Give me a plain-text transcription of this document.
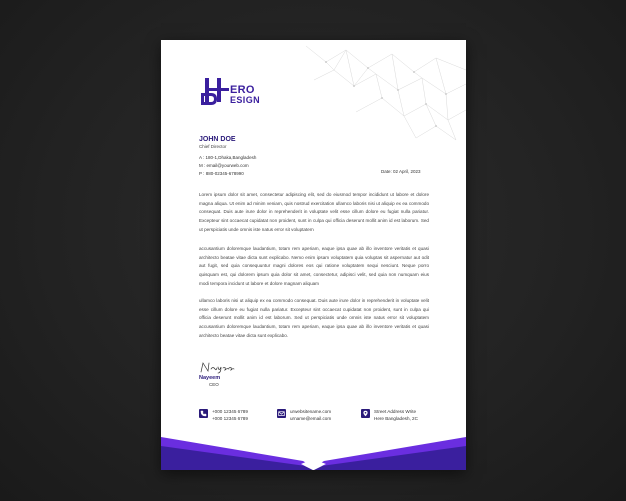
ERO
ESIGN
JOHN DOE
Chief Director
A : 180-1,Dhaka,Bangladesh
M : email@yourweb.com
P : 880-02345-678990	Date: 02 April, 2023
Lorem ipsum dolor sit amet, consectetur adipiscing elit, sed do eiusmod tempor incididunt ut labore et dolore magna aliqua. Ut enim ad minim veniam, quis nostrud exercitation ullamco laboris nisi ut aliquip ex ea commodo consequat. Duis aute irure dolor in reprehenderit in voluptate velit esse cillum dolore eu fugiat nulla pariatur. Excepteur sint occaecat cupidatat non proident, sunt in culpa qui officia deserunt mollit anim id est laborum. Sed ut perspiciatis unde omnis iste natus error sit voluptatem
accusantium doloremque laudantium, totam rem aperiam, eaque ipsa quae ab illo inventore veritatis et quasi architecto beatae vitae dicta sunt explicabo. Nemo enim ipsam voluptatem quia voluptas sit aspernatur aut odit aut fugit, sed quia consequuntur magni dolores eos qui ratione voluptatem sequi nesciunt. Neque porro quisquam est, qui dolorem ipsum quia dolor sit amet, consectetur, adipisci velit, sed quia non numquam eius modi tempora incidunt ut labore et dolore magnam aliquam
ullamco laboris nisi ut aliquip ex ea commodo consequat. Duis aute irure dolor in reprehenderit in voluptate velit esse cillum dolore eu fugiat nulla pariatur. Excepteur sint occaecat cupidatat non proident, sunt in culpa qui officia deserunt mollit anim id est laborum. Sed ut perspiciatis unde omnis iste natus error sit voluptatem accusantium doloremque laudantium, totam rem aperiam, eaque ipsa quae ab illo inventore veritatis et quasi architecto beatae vitae dicta sunt explicabo.
Nayeem
CEO
+000 12345 6789
+000 12345 6789
urwebsitename.com
urname@email.com
Street Address Write
Here Bangladesh, 2C
